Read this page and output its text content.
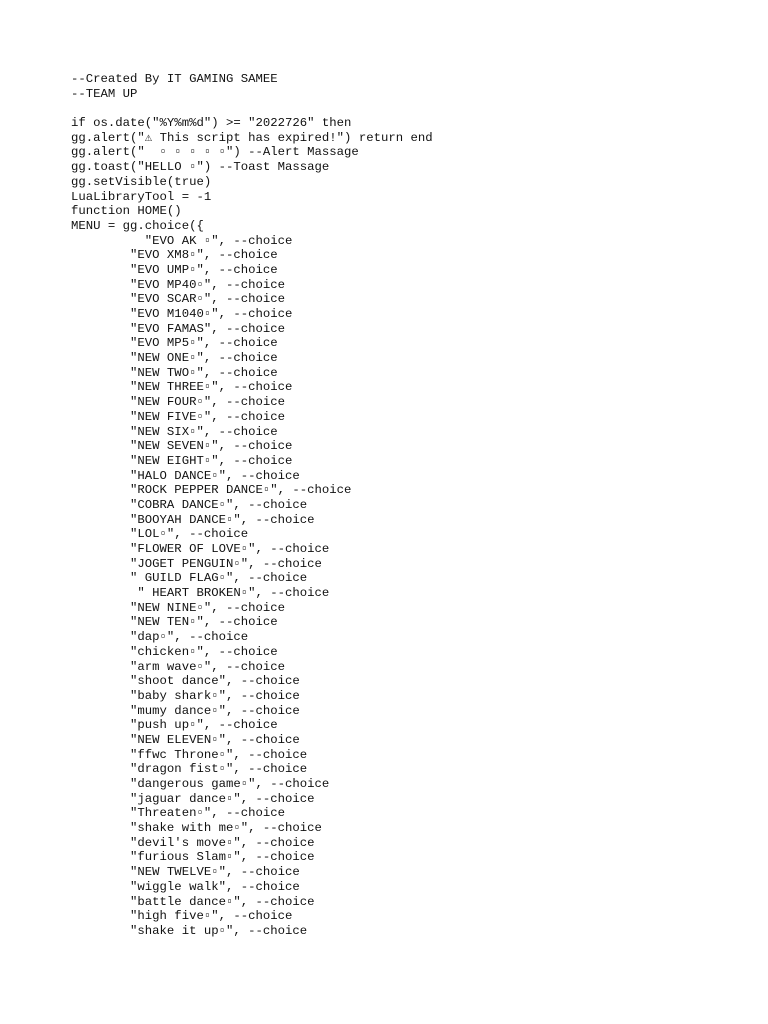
--Created By IT GAMING SAMEE
--TEAM UP
if os.date("%Y%m%d") >= "2022726" then
gg.alert("⚠ This script has expired!") return end
gg.alert("  ▫ ▫ ▫ ▫ ▫") --Alert Massage
gg.toast("HELLO ▫") --Toast Massage
gg.setVisible(true)
LuaLibraryTool = -1
function HOME()
MENU = gg.choice({
"EVO AK ▫", --choice
"EVO XM8▫", --choice
"EVO UMP▫", --choice
"EVO MP40▫", --choice
"EVO SCAR▫", --choice
"EVO M1040▫", --choice
"EVO FAMAS", --choice
"EVO MP5▫", --choice
"NEW ONE▫", --choice
"NEW TWO▫", --choice
"NEW THREE▫", --choice
"NEW FOUR▫", --choice
"NEW FIVE▫", --choice
"NEW SIX▫", --choice
"NEW SEVEN▫", --choice
"NEW EIGHT▫", --choice
"HALO DANCE▫", --choice
"ROCK PEPPER DANCE▫", --choice
"COBRA DANCE▫", --choice
"BOOYAH DANCE▫", --choice
"LOL▫", --choice
"FLOWER OF LOVE▫", --choice
"JOGET PENGUIN▫", --choice
" GUILD FLAG▫", --choice
" HEART BROKEN▫", --choice
"NEW NINE▫", --choice
"NEW TEN▫", --choice
"dap▫", --choice
"chicken▫", --choice
"arm wave▫", --choice
"shoot dance", --choice
"baby shark▫", --choice
"mumy dance▫", --choice
"push up▫", --choice
"NEW ELEVEN▫", --choice
"ffwc Throne▫", --choice
"dragon fist▫", --choice
"dangerous game▫", --choice
"jaguar dance▫", --choice
"Threaten▫", --choice
"shake with me▫", --choice
"devil's move▫", --choice
"furious Slam▫", --choice
"NEW TWELVE▫", --choice
"wiggle walk", --choice
"battle dance▫", --choice
"high five▫", --choice
"shake it up▫", --choice
